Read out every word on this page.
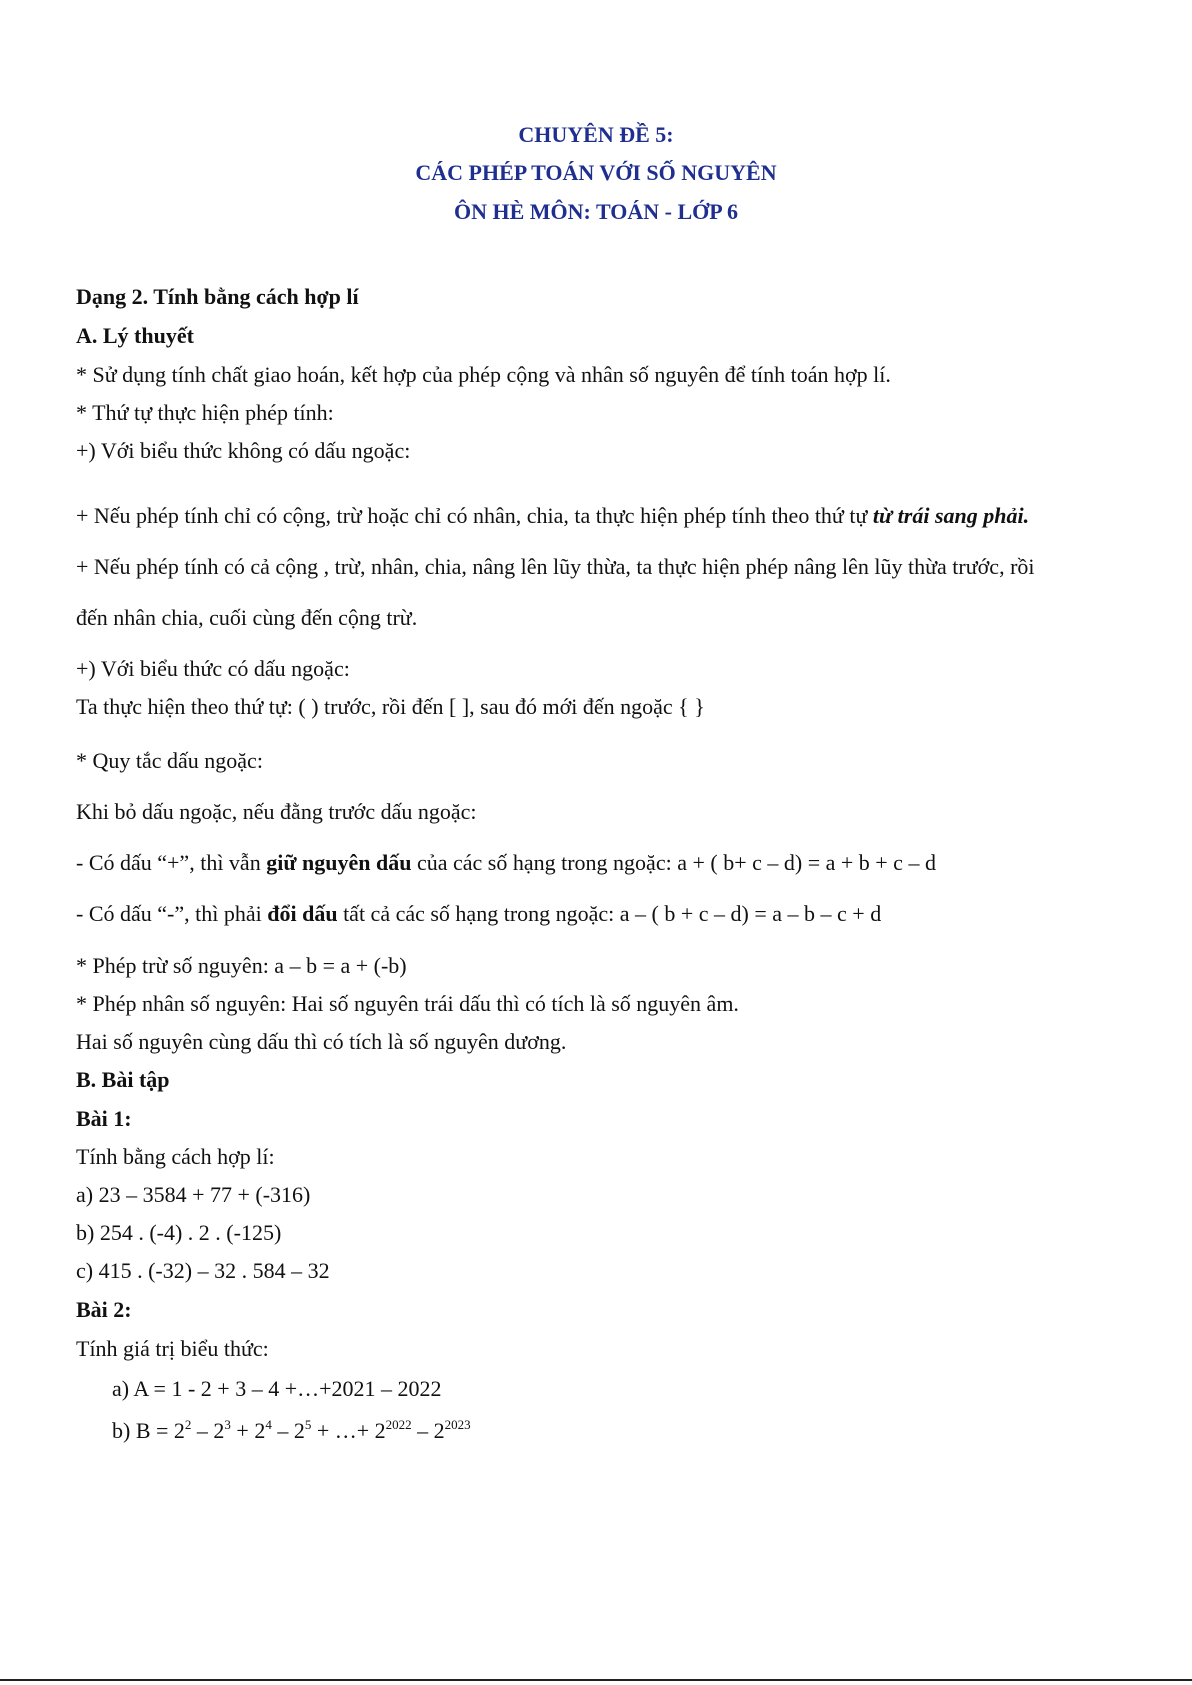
CHUYÊN ĐỀ 5:
CÁC PHÉP TOÁN VỚI SỐ NGUYÊN
ÔN HÈ MÔN: TOÁN - LỚP 6
Dạng 2. Tính bằng cách hợp lí
A. Lý thuyết
* Sử dụng tính chất giao hoán, kết hợp của phép cộng và nhân số nguyên để tính toán hợp lí.
* Thứ tự thực hiện phép tính:
+) Với biểu thức không có dấu ngoặc:
+ Nếu phép tính chỉ có cộng, trừ hoặc chỉ có nhân, chia, ta thực hiện phép tính theo thứ tự từ trái sang phải.
+ Nếu phép tính có cả cộng , trừ, nhân, chia, nâng lên lũy thừa, ta thực hiện phép nâng lên lũy thừa trước, rồi
đến nhân chia, cuối cùng đến cộng trừ.
+) Với biểu thức có dấu ngoặc:
Ta thực hiện theo thứ tự: ( ) trước, rồi đến [ ], sau đó mới đến ngoặc { }
* Quy tắc dấu ngoặc:
Khi bỏ dấu ngoặc, nếu đằng trước dấu ngoặc:
- Có dấu “+”, thì vẫn giữ nguyên dấu của các số hạng trong ngoặc: a + ( b+ c – d) = a + b + c – d
- Có dấu “-”, thì phải đổi dấu tất cả các số hạng trong ngoặc: a – ( b + c – d) = a – b – c + d
* Phép trừ số nguyên: a – b = a + (-b)
* Phép nhân số nguyên: Hai số nguyên trái dấu thì có tích là số nguyên âm.
Hai số nguyên cùng dấu thì có tích là số nguyên dương.
B. Bài tập
Bài 1:
Tính bằng cách hợp lí:
a) 23 – 3584 + 77 + (-316)
b) 254 . (-4) . 2 . (-125)
c) 415 . (-32) – 32 . 584 – 32
Bài 2:
Tính giá trị biểu thức:
a) A = 1 - 2 + 3 – 4 +…+2021 – 2022
b) $B = 2^2 - 2^3 + 2^4 - 2^5$ + …+ $2^{2022} - 2^{2023}$
